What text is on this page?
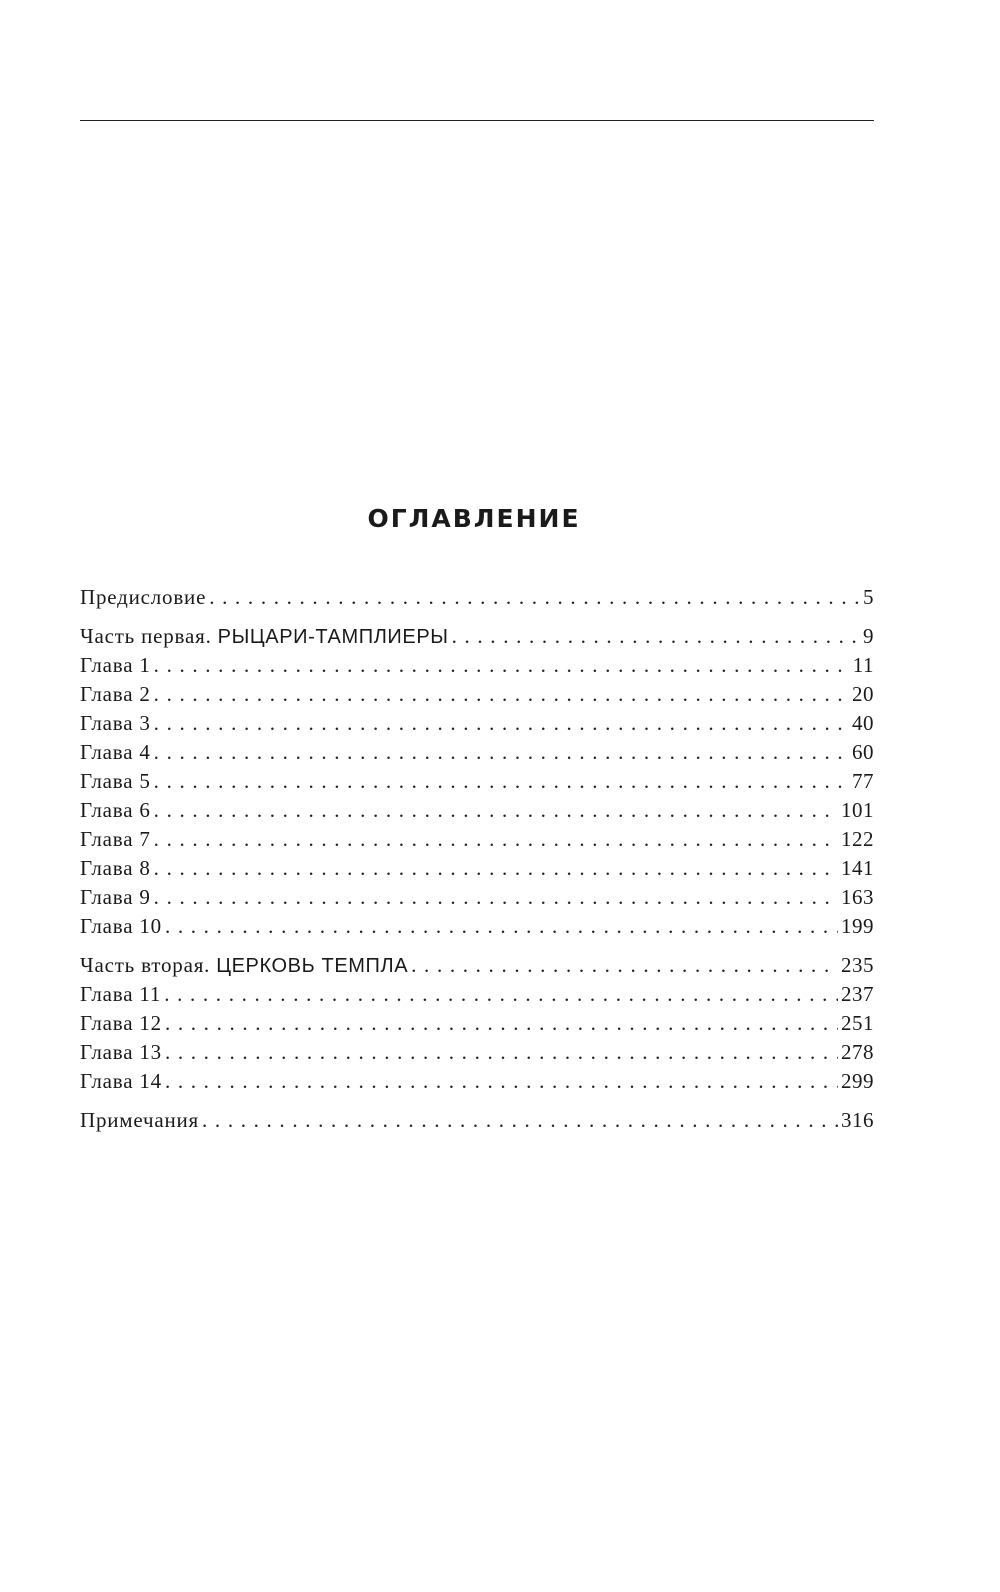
ОГЛАВЛЕНИЕ
Предисловие . . .	5
Часть первая. РЫЦАРИ-ТАМПЛИЕРЫ . . .	9
Глава 1 . . .	11
Глава 2 . . .	20
Глава 3 . . .	40
Глава 4 . . .	60
Глава 5 . . .	77
Глава 6 . . .	101
Глава 7 . . .	122
Глава 8 . . .	141
Глава 9 . . .	163
Глава 10 . . .	199
Часть вторая. ЦЕРКОВЬ ТЕМПЛА . . .	235
Глава 11 . . .	237
Глава 12 . . .	251
Глава 13 . . .	278
Глава 14 . . .	299
Примечания . . .	316
